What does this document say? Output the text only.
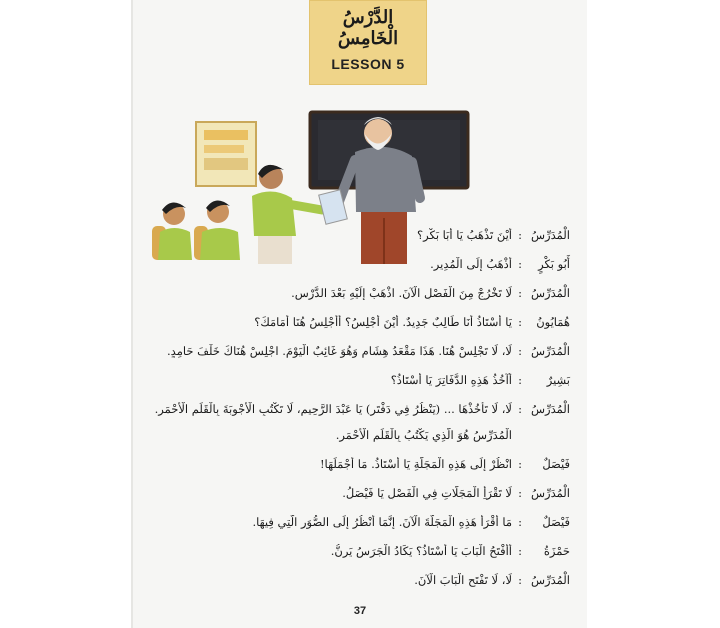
الدَّرْسُ الْخَامِسُ
LESSON 5
الْمُدَرِّسُ
:
أَيْنَ تَذْهَبُ يَا أَبَا بَكْرٍ؟
أَبُو بَكْرٍ
:
أَذْهَبُ إِلَى الْمُدِيرِ.
الْمُدَرِّسُ
:
لَا تَخْرُجْ مِنَ الْفَصْلِ الْآنَ. اذْهَبْ إِلَيْهِ بَعْدَ الدَّرْسِ.
هُمَايُونُ
:
يَا أُسْتَاذُ أَنَا طَالِبٌ جَدِيدٌ. أَيْنَ أَجْلِسُ؟ أَأَجْلِسُ هُنَا أَمَامَكَ؟
الْمُدَرِّسُ
:
لَا، لَا تَجْلِسْ هُنَا. هَذَا مَقْعَدُ هِشَامٍ وَهُوَ غَائِبٌ الْيَوْمَ. اجْلِسْ هُنَاكَ خَلْفَ حَامِدٍ.
بَشِيرٌ
:
أَآخُذُ هَذِهِ الدَّفَاتِرَ يَا أُسْتَاذُ؟
الْمُدَرِّسُ
:
لَا، لَا تَأْخُذْهَا ... (يَنْظُرُ فِي دَفْتَرٍ) يَا عَبْدَ الرَّحِيمِ، لَا تَكْتُبِ الْأَجْوِبَةَ بِالْقَلَمِ الْأَحْمَرِ.
الْمُدَرِّسُ هُوَ الَّذِي يَكْتُبُ بِالْقَلَمِ الْأَحْمَرِ.
فَيْصَلٌ
:
انْظُرْ إِلَى هَذِهِ الْمَجَلَّةِ يَا أُسْتَاذُ. مَا أَجْمَلَهَا!
الْمُدَرِّسُ
:
لَا تَقْرَأِ الْمَجَلَّاتِ فِي الْفَصْلِ يَا فَيْصَلُ.
فَيْصَلٌ
:
مَا أَقْرَأُ هَذِهِ الْمَجَلَّةَ الْآنَ. إِنَّمَا أَنْظُرُ إِلَى الصُّوَرِ الَّتِي فِيهَا.
حَمْزَةُ
:
أَأَفْتَحُ الْبَابَ يَا أُسْتَاذُ؟ يَكَادُ الْجَرَسُ يَرِنُّ.
الْمُدَرِّسُ
:
لَا، لَا تَفْتَحِ الْبَابَ الْآنَ.
37
